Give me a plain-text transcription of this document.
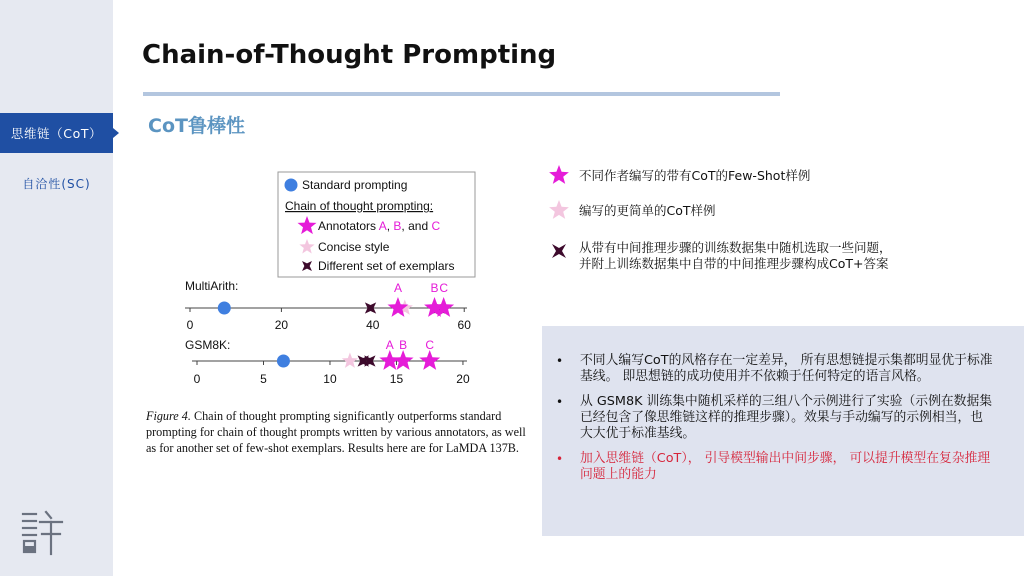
思维链（CoT）
自洽性(SC)
Chain-of-Thought Prompting
CoT鲁棒性
Standard prompting
Chain of thought prompting:
Annotators A, B, and C
Concise style
Different set of exemplars
MultiArith:
0	20	40	60
A B C
GSM8K:
0	5	10	15	20
A B C
Figure 4. Chain of thought prompting significantly outperforms standard prompting for chain of thought prompts written by various annotators, as well as for another set of few-shot exemplars. Results here are for LaMDA 137B.
不同作者编写的带有CoT的Few-Shot样例
编写的更简单的CoT样例
从带有中间推理步骤的训练数据集中随机选取一些问题，
并附上训练数据集中自带的中间推理步骤构成CoT+答案
• 不同人编写CoT的风格存在一定差异， 所有思想链提示集都明显优于标准基线。 即思想链的成功使用并不依赖于任何特定的语言风格。
• 从 GSM8K 训练集中随机采样的三组八个示例进行了实验（示例在数据集已经包含了像思维链这样的推理步骤）。效果与手动编写的示例相当，也大大优于标准基线。
• 加入思维链（CoT）， 引导模型输出中间步骤， 可以提升模型在复杂推理问题上的能力
